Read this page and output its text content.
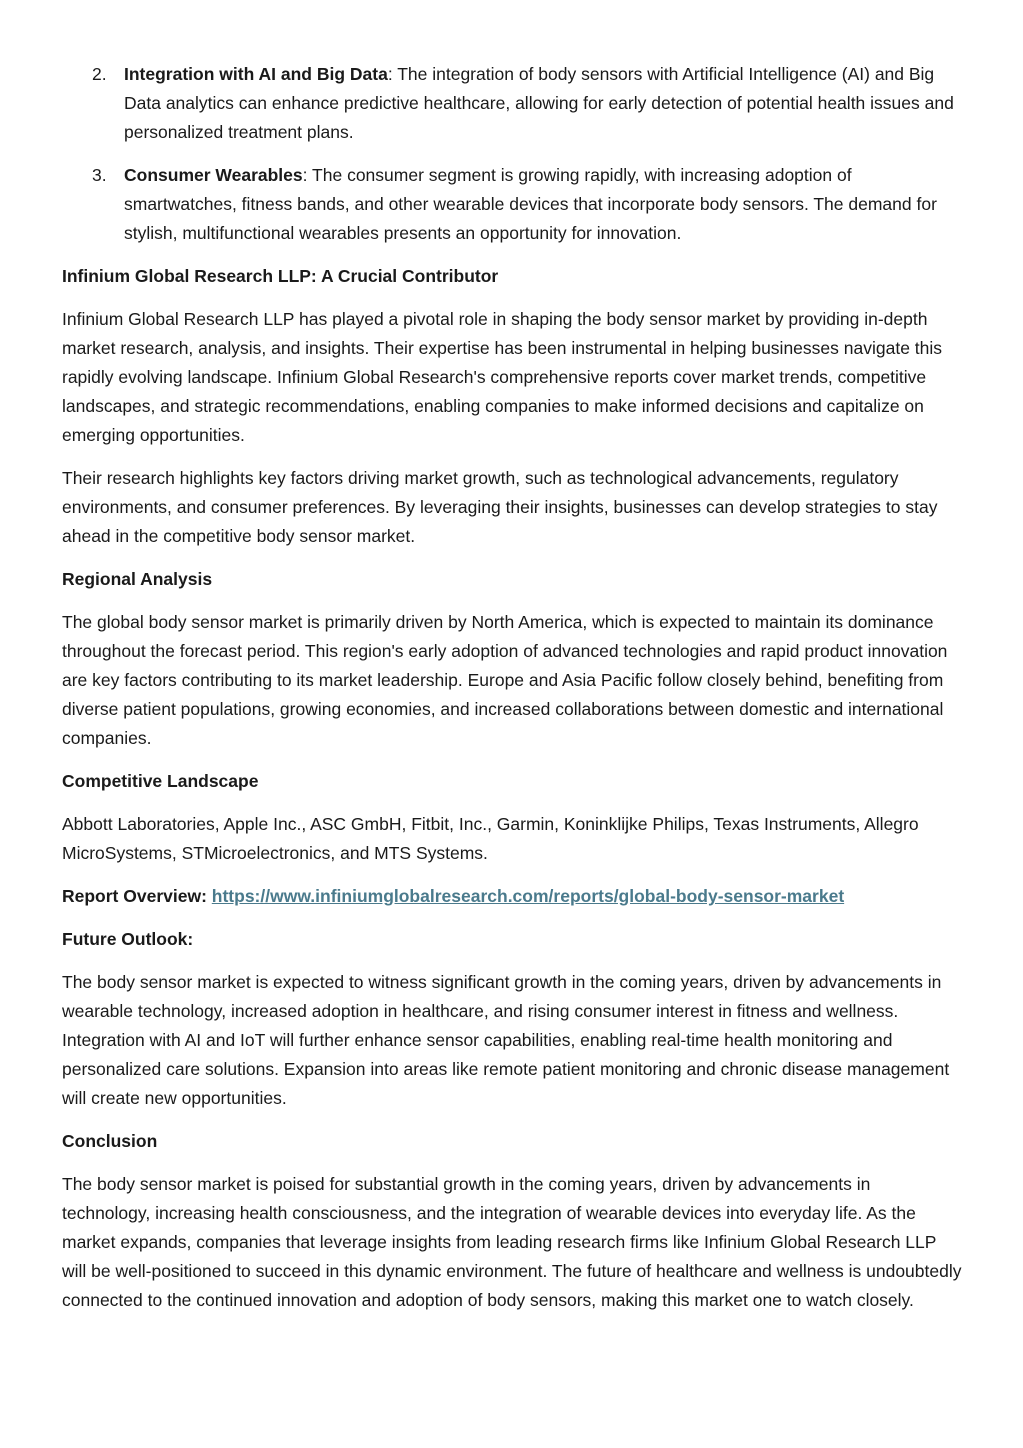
2. Integration with AI and Big Data: The integration of body sensors with Artificial Intelligence (AI) and Big Data analytics can enhance predictive healthcare, allowing for early detection of potential health issues and personalized treatment plans.
3. Consumer Wearables: The consumer segment is growing rapidly, with increasing adoption of smartwatches, fitness bands, and other wearable devices that incorporate body sensors. The demand for stylish, multifunctional wearables presents an opportunity for innovation.

Infinium Global Research LLP: A Crucial Contributor

Infinium Global Research LLP has played a pivotal role in shaping the body sensor market by providing in-depth market research, analysis, and insights. Their expertise has been instrumental in helping businesses navigate this rapidly evolving landscape. Infinium Global Research's comprehensive reports cover market trends, competitive landscapes, and strategic recommendations, enabling companies to make informed decisions and capitalize on emerging opportunities.

Their research highlights key factors driving market growth, such as technological advancements, regulatory environments, and consumer preferences. By leveraging their insights, businesses can develop strategies to stay ahead in the competitive body sensor market.

Regional Analysis

The global body sensor market is primarily driven by North America, which is expected to maintain its dominance throughout the forecast period. This region's early adoption of advanced technologies and rapid product innovation are key factors contributing to its market leadership. Europe and Asia Pacific follow closely behind, benefiting from diverse patient populations, growing economies, and increased collaborations between domestic and international companies.

Competitive Landscape

Abbott Laboratories, Apple Inc., ASC GmbH, Fitbit, Inc., Garmin, Koninklijke Philips, Texas Instruments, Allegro MicroSystems, STMicroelectronics, and MTS Systems.

Report Overview: https://www.infiniumglobalresearch.com/reports/global-body-sensor-market

Future Outlook:

The body sensor market is expected to witness significant growth in the coming years, driven by advancements in wearable technology, increased adoption in healthcare, and rising consumer interest in fitness and wellness. Integration with AI and IoT will further enhance sensor capabilities, enabling real-time health monitoring and personalized care solutions. Expansion into areas like remote patient monitoring and chronic disease management will create new opportunities.

Conclusion

The body sensor market is poised for substantial growth in the coming years, driven by advancements in technology, increasing health consciousness, and the integration of wearable devices into everyday life. As the market expands, companies that leverage insights from leading research firms like Infinium Global Research LLP will be well-positioned to succeed in this dynamic environment. The future of healthcare and wellness is undoubtedly connected to the continued innovation and adoption of body sensors, making this market one to watch closely.
